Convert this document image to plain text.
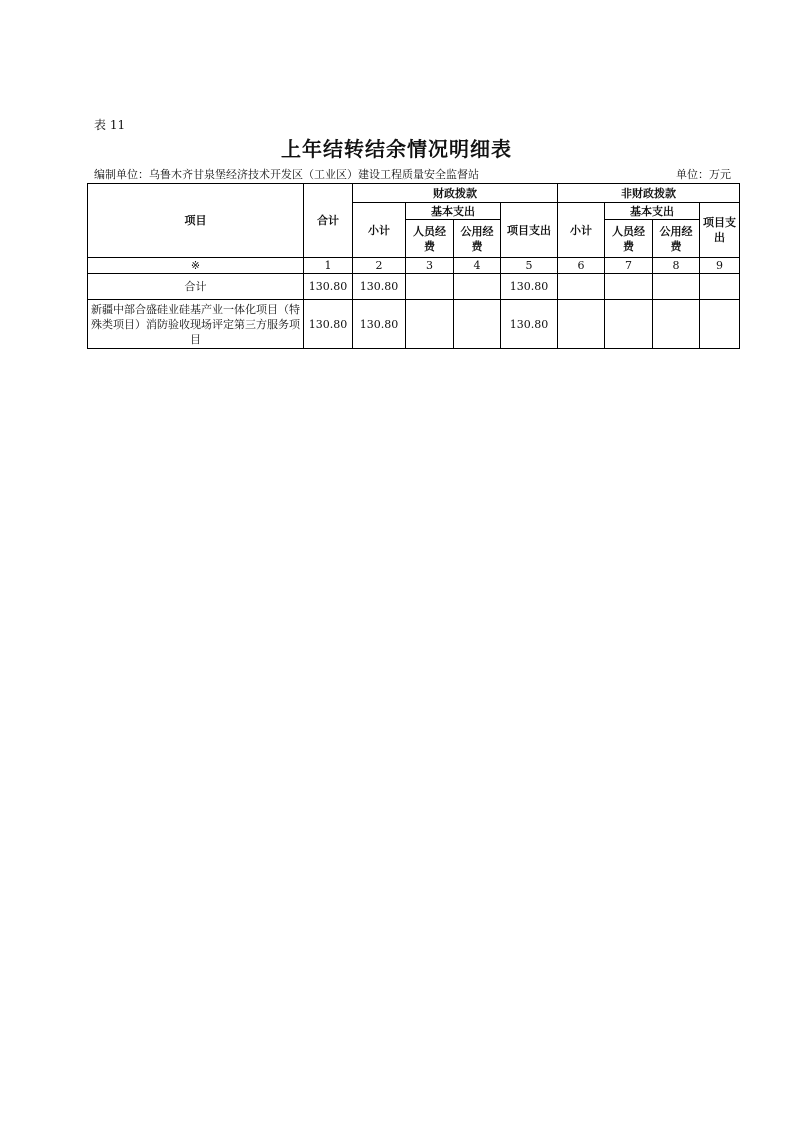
表 11
上年结转结余情况明细表
编制单位：乌鲁木齐甘泉堡经济技术开发区（工业区）建设工程质量安全监督站	单位：万元
项目	合计	财政拨款				非财政拨款			
		小计	基本支出		项目支出	小计	基本支出		项目支出
			人员经费	公用经费			人员经费	公用经费	

※	1	2	3	4	5	6	7	8	9
合计	130.80	130.80			130.80				
新疆中部合盛硅业硅基产业一体化项目（特殊类项目）消防验收现场评定第三方服务项目	130.80	130.80			130.80				
